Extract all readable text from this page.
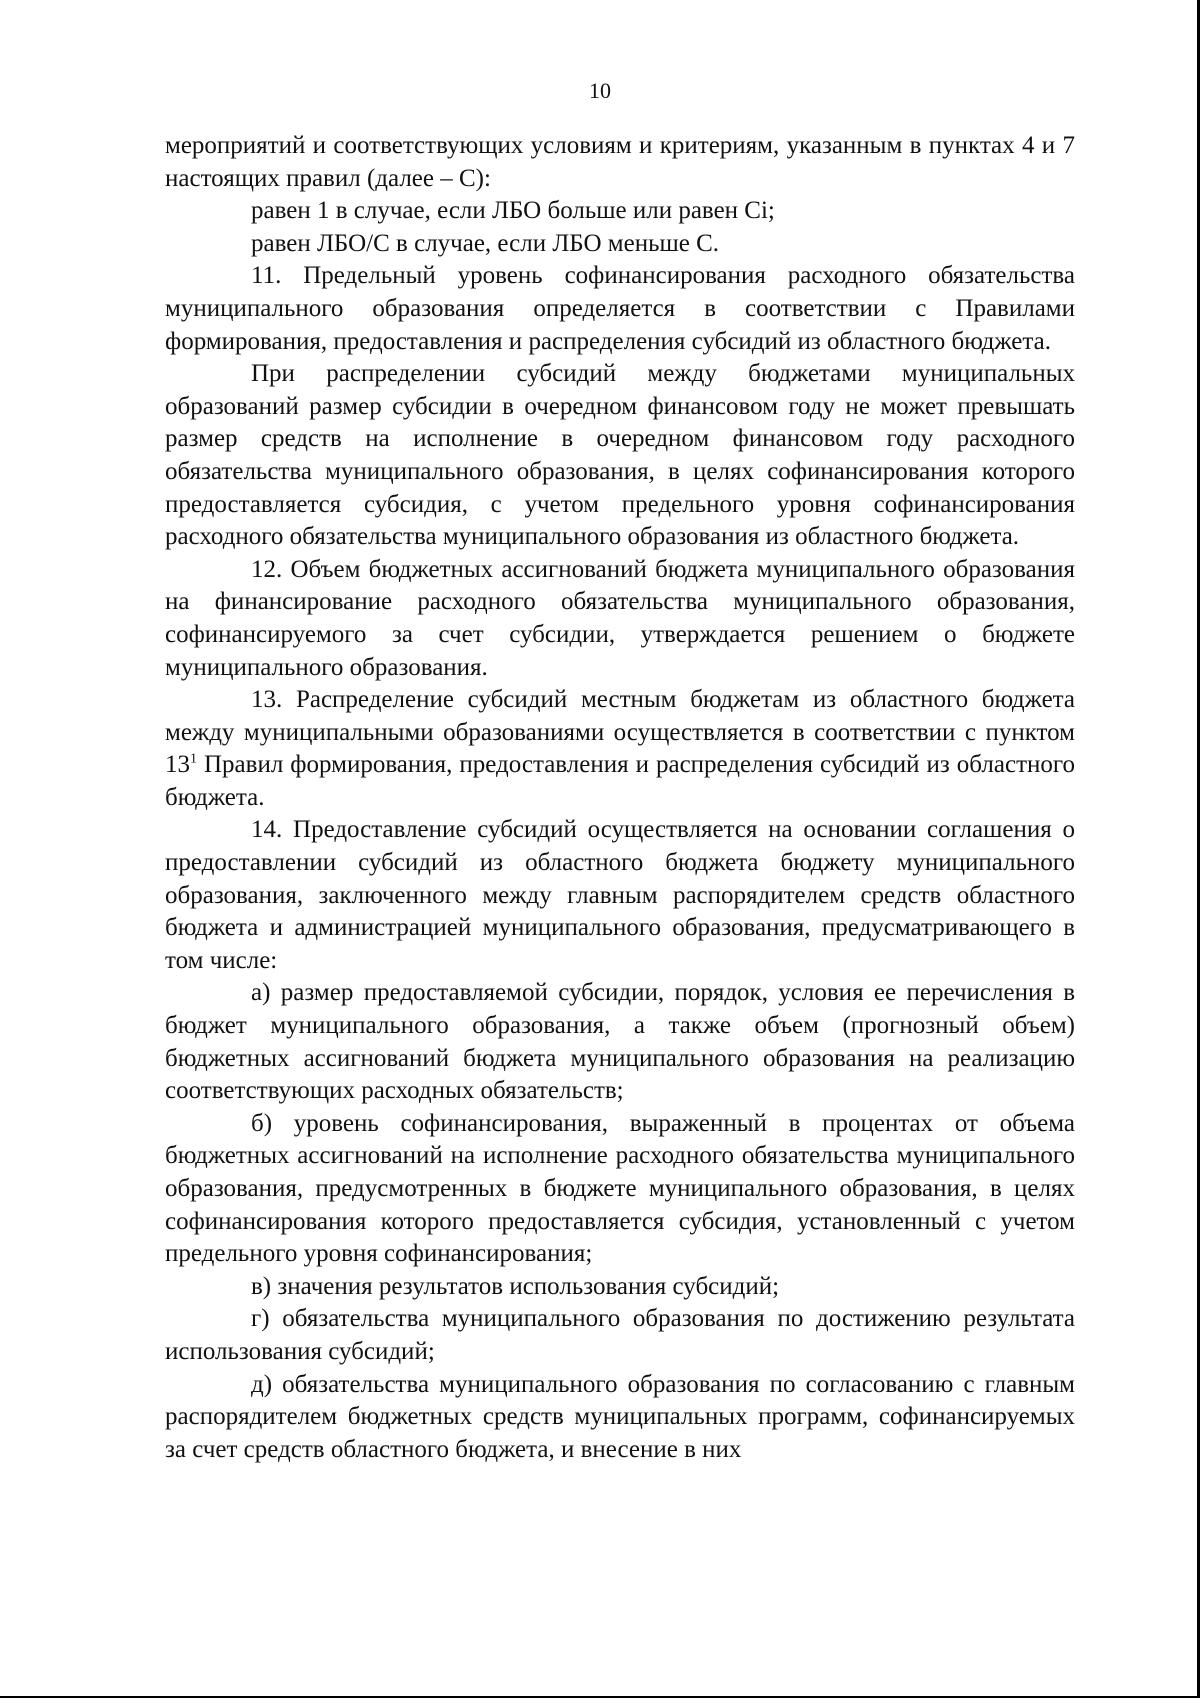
10

мероприятий и соответствующих условиям и критериям, указанным в пунктах 4 и 7 настоящих правил (далее – С):

равен 1 в случае, если ЛБО больше или равен Ci;

равен ЛБО/С в случае, если ЛБО меньше С.

11. Предельный уровень софинансирования расходного обязательства муниципального образования определяется в соответствии с Правилами формирования, предоставления и распределения субсидий из областного бюджета.

При распределении субсидий между бюджетами муниципальных образований размер субсидии в очередном финансовом году не может превышать размер средств на исполнение в очередном финансовом году расходного обязательства муниципального образования, в целях софинансирования которого предоставляется субсидия, с учетом предельного уровня софинансирования расходного обязательства муниципального образования из областного бюджета.

12. Объем бюджетных ассигнований бюджета муниципального образования на финансирование расходного обязательства муниципального образования, софинансируемого за счет субсидии, утверждается решением о бюджете муниципального образования.

13. Распределение субсидий местным бюджетам из областного бюджета между муниципальными образованиями осуществляется в соответствии с пунктом $13^1$ Правил формирования, предоставления и распределения субсидий из областного бюджета.

14. Предоставление субсидий осуществляется на основании соглашения о предоставлении субсидий из областного бюджета бюджету муниципального образования, заключенного между главным распорядителем средств областного бюджета и администрацией муниципального образования, предусматривающего в том числе:

а) размер предоставляемой субсидии, порядок, условия ее перечисления в бюджет муниципального образования, а также объем (прогнозный объем) бюджетных ассигнований бюджета муниципального образования на реализацию соответствующих расходных обязательств;

б) уровень софинансирования, выраженный в процентах от объема бюджетных ассигнований на исполнение расходного обязательства муниципального образования, предусмотренных в бюджете муниципального образования, в целях софинансирования которого предоставляется субсидия, установленный с учетом предельного уровня софинансирования;

в) значения результатов использования субсидий;

г) обязательства муниципального образования по достижению результата использования субсидий;

д) обязательства муниципального образования по согласованию с главным распорядителем бюджетных средств муниципальных программ, софинансируемых за счет средств областного бюджета, и внесение в них
